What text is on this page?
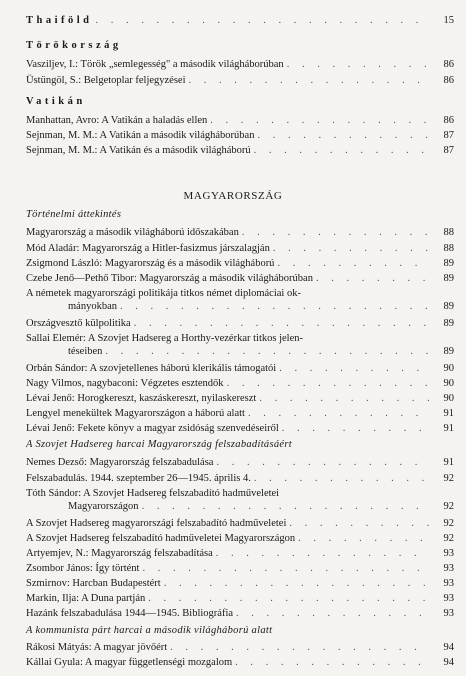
Thaiföld . . .	15
Törökország
Vaszilјev, I.: Török „semlegesség" a második világháborúban . . .	86
Üstüngöl, S.: Belgetoplar feljegyzései . . .	86
Vatikán
Manhattan, Avro: A Vatikán a haladás ellen . . .	86
Sejnman, M. M.: A Vatikán a második világháborúban . . .	87
Sejnman, M. M.: A Vatikán és a második világháború . . .	87
MAGYARORSZÁG
Történelmi áttekintés
Magyarország a második világháború időszakában . . .	88
Mód Aladár: Magyarország a Hitler-fasizmus járszalagján . . .	88
Zsigmond László: Magyarország és a második világháború . . .	89
Czebe Jenő—Pethő Tibor: Magyarország a második világháborúban . . .	89
A németek magyarországi politikája titkos német diplomáciai ok-
mányokban . . .	89
Országvesztő külpolitika . . .	89
Sallai Elemér: A Szovjet Hadsereg a Horthy-vezérkar titkos jelen-
téseiben . . .	89
Orbán Sándor: A szovjetellenes háború klerikális támogatói . . .	90
Nagy Vilmos, nagybaconi: Végzetes esztendők . . .	90
Lévai Jenő: Horogkereszt, kaszáskereszt, nyilaskereszt . . .	90
Lengyel menekültek Magyarországon a háború alatt . . .	91
Lévai Jenő: Fekete könyv a magyar zsidóság szenvedéseiről . . .	91
A Szovjet Hadsereg harcai Magyarország felszabadításáért
Nemes Dezső: Magyarország felszabadulása . . .	91
Felszabadulás. 1944. szeptember 26—1945. április 4. . . .	92
Tóth Sándor: A Szovjet Hadsereg felszabadító hadműveletei
Magyarországon . . .	92
A Szovjet Hadsereg magyarországi felszabadító hadműveletei . . .	92
A Szovjet Hadsereg felszabadító hadműveletei Magyarországon . . .	92
Artyemjev, N.: Magyarország felszabadítása . . .	93
Zsombor János: Így történt . . .	93
Szmirnov: Harcban Budapestért . . .	93
Markin, Ilja: A Duna partján . . .	93
Hazánk felszabadulása 1944—1945. Bibliográfia . . .	93
A kommunista párt harcai a második világháború alatt
Rákosi Mátyás: A magyar jövőért . . .	94
Kállai Gyula: A magyar függetlenségi mozgalom . . .	94
